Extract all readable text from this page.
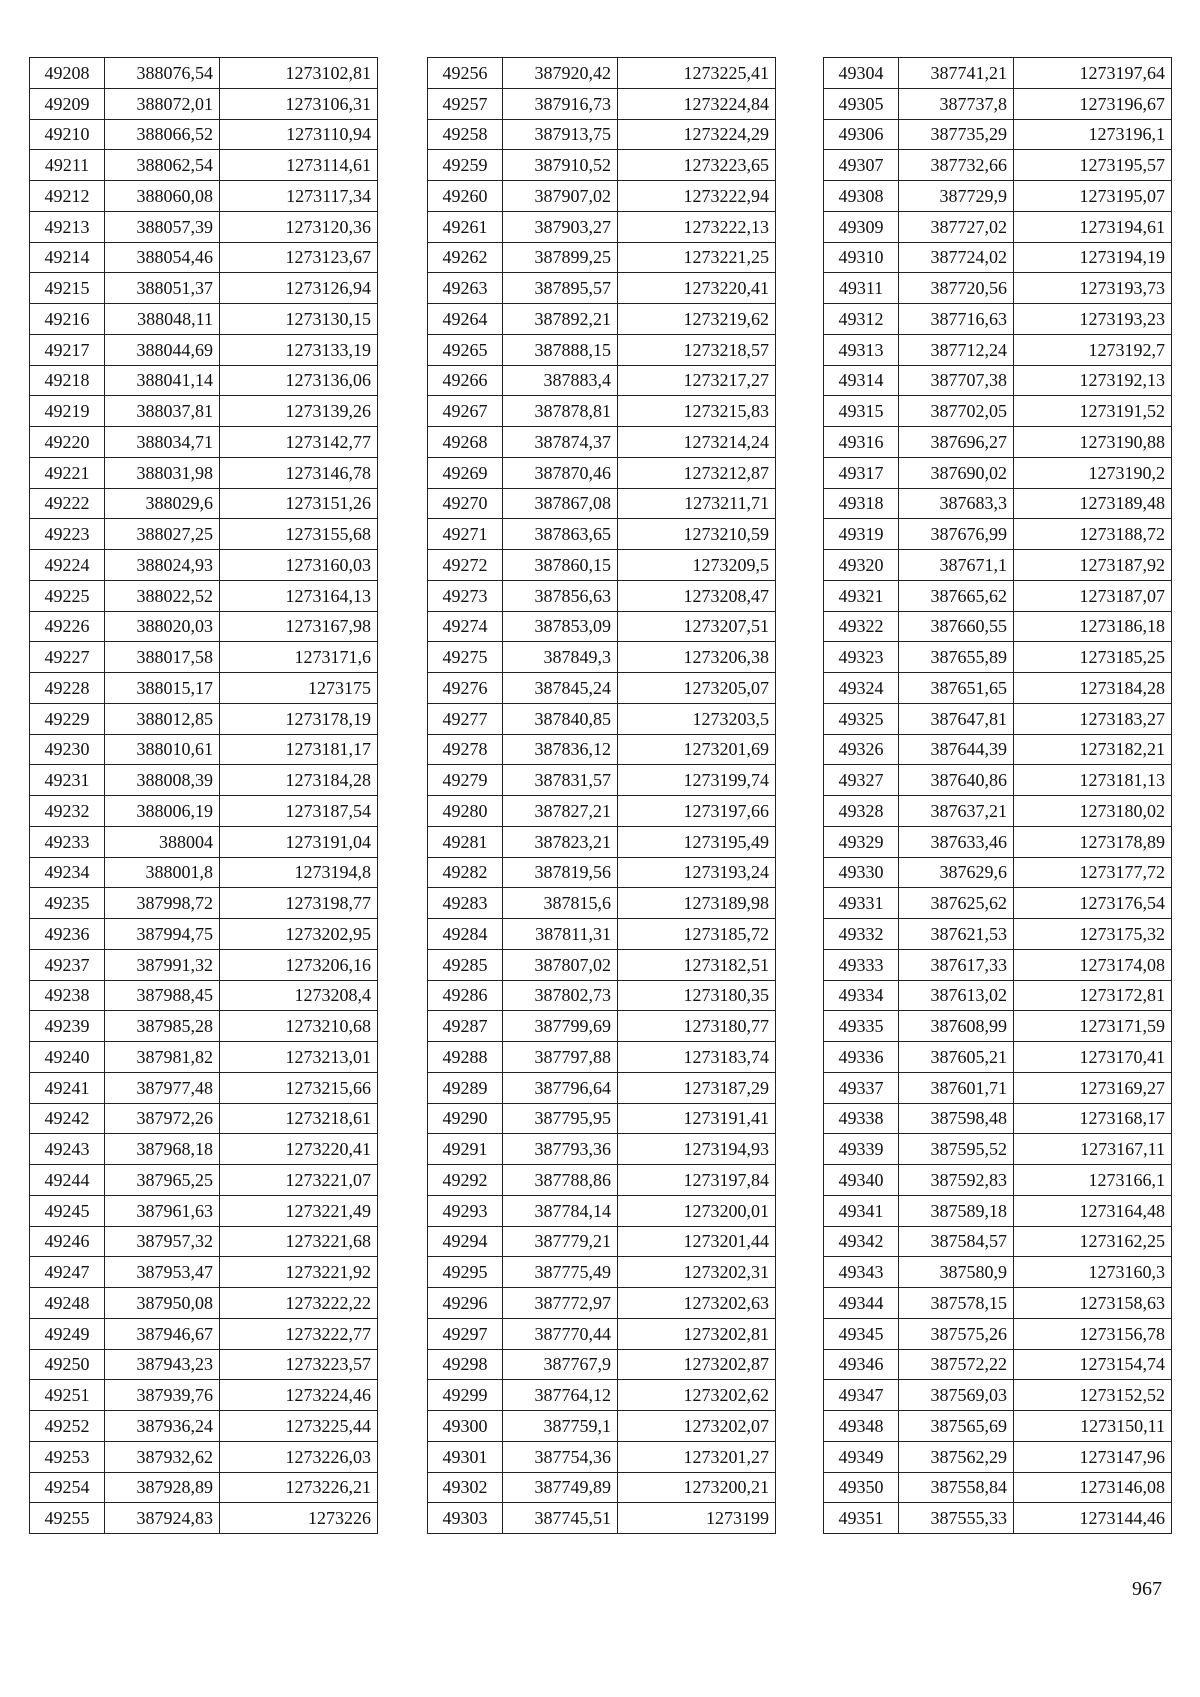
49208	388076,54	1273102,81
49209	388072,01	1273106,31
49210	388066,52	1273110,94
49211	388062,54	1273114,61
49212	388060,08	1273117,34
49213	388057,39	1273120,36
49214	388054,46	1273123,67
49215	388051,37	1273126,94
49216	388048,11	1273130,15
49217	388044,69	1273133,19
49218	388041,14	1273136,06
49219	388037,81	1273139,26
49220	388034,71	1273142,77
49221	388031,98	1273146,78
49222	388029,6	1273151,26
49223	388027,25	1273155,68
49224	388024,93	1273160,03
49225	388022,52	1273164,13
49226	388020,03	1273167,98
49227	388017,58	1273171,6
49228	388015,17	1273175
49229	388012,85	1273178,19
49230	388010,61	1273181,17
49231	388008,39	1273184,28
49232	388006,19	1273187,54
49233	388004	1273191,04
49234	388001,8	1273194,8
49235	387998,72	1273198,77
49236	387994,75	1273202,95
49237	387991,32	1273206,16
49238	387988,45	1273208,4
49239	387985,28	1273210,68
49240	387981,82	1273213,01
49241	387977,48	1273215,66
49242	387972,26	1273218,61
49243	387968,18	1273220,41
49244	387965,25	1273221,07
49245	387961,63	1273221,49
49246	387957,32	1273221,68
49247	387953,47	1273221,92
49248	387950,08	1273222,22
49249	387946,67	1273222,77
49250	387943,23	1273223,57
49251	387939,76	1273224,46
49252	387936,24	1273225,44
49253	387932,62	1273226,03
49254	387928,89	1273226,21
49255	387924,83	1273226
49256	387920,42	1273225,41
49257	387916,73	1273224,84
49258	387913,75	1273224,29
49259	387910,52	1273223,65
49260	387907,02	1273222,94
49261	387903,27	1273222,13
49262	387899,25	1273221,25
49263	387895,57	1273220,41
49264	387892,21	1273219,62
49265	387888,15	1273218,57
49266	387883,4	1273217,27
49267	387878,81	1273215,83
49268	387874,37	1273214,24
49269	387870,46	1273212,87
49270	387867,08	1273211,71
49271	387863,65	1273210,59
49272	387860,15	1273209,5
49273	387856,63	1273208,47
49274	387853,09	1273207,51
49275	387849,3	1273206,38
49276	387845,24	1273205,07
49277	387840,85	1273203,5
49278	387836,12	1273201,69
49279	387831,57	1273199,74
49280	387827,21	1273197,66
49281	387823,21	1273195,49
49282	387819,56	1273193,24
49283	387815,6	1273189,98
49284	387811,31	1273185,72
49285	387807,02	1273182,51
49286	387802,73	1273180,35
49287	387799,69	1273180,77
49288	387797,88	1273183,74
49289	387796,64	1273187,29
49290	387795,95	1273191,41
49291	387793,36	1273194,93
49292	387788,86	1273197,84
49293	387784,14	1273200,01
49294	387779,21	1273201,44
49295	387775,49	1273202,31
49296	387772,97	1273202,63
49297	387770,44	1273202,81
49298	387767,9	1273202,87
49299	387764,12	1273202,62
49300	387759,1	1273202,07
49301	387754,36	1273201,27
49302	387749,89	1273200,21
49303	387745,51	1273199
49304	387741,21	1273197,64
49305	387737,8	1273196,67
49306	387735,29	1273196,1
49307	387732,66	1273195,57
49308	387729,9	1273195,07
49309	387727,02	1273194,61
49310	387724,02	1273194,19
49311	387720,56	1273193,73
49312	387716,63	1273193,23
49313	387712,24	1273192,7
49314	387707,38	1273192,13
49315	387702,05	1273191,52
49316	387696,27	1273190,88
49317	387690,02	1273190,2
49318	387683,3	1273189,48
49319	387676,99	1273188,72
49320	387671,1	1273187,92
49321	387665,62	1273187,07
49322	387660,55	1273186,18
49323	387655,89	1273185,25
49324	387651,65	1273184,28
49325	387647,81	1273183,27
49326	387644,39	1273182,21
49327	387640,86	1273181,13
49328	387637,21	1273180,02
49329	387633,46	1273178,89
49330	387629,6	1273177,72
49331	387625,62	1273176,54
49332	387621,53	1273175,32
49333	387617,33	1273174,08
49334	387613,02	1273172,81
49335	387608,99	1273171,59
49336	387605,21	1273170,41
49337	387601,71	1273169,27
49338	387598,48	1273168,17
49339	387595,52	1273167,11
49340	387592,83	1273166,1
49341	387589,18	1273164,48
49342	387584,57	1273162,25
49343	387580,9	1273160,3
49344	387578,15	1273158,63
49345	387575,26	1273156,78
49346	387572,22	1273154,74
49347	387569,03	1273152,52
49348	387565,69	1273150,11
49349	387562,29	1273147,96
49350	387558,84	1273146,08
49351	387555,33	1273144,46
967
